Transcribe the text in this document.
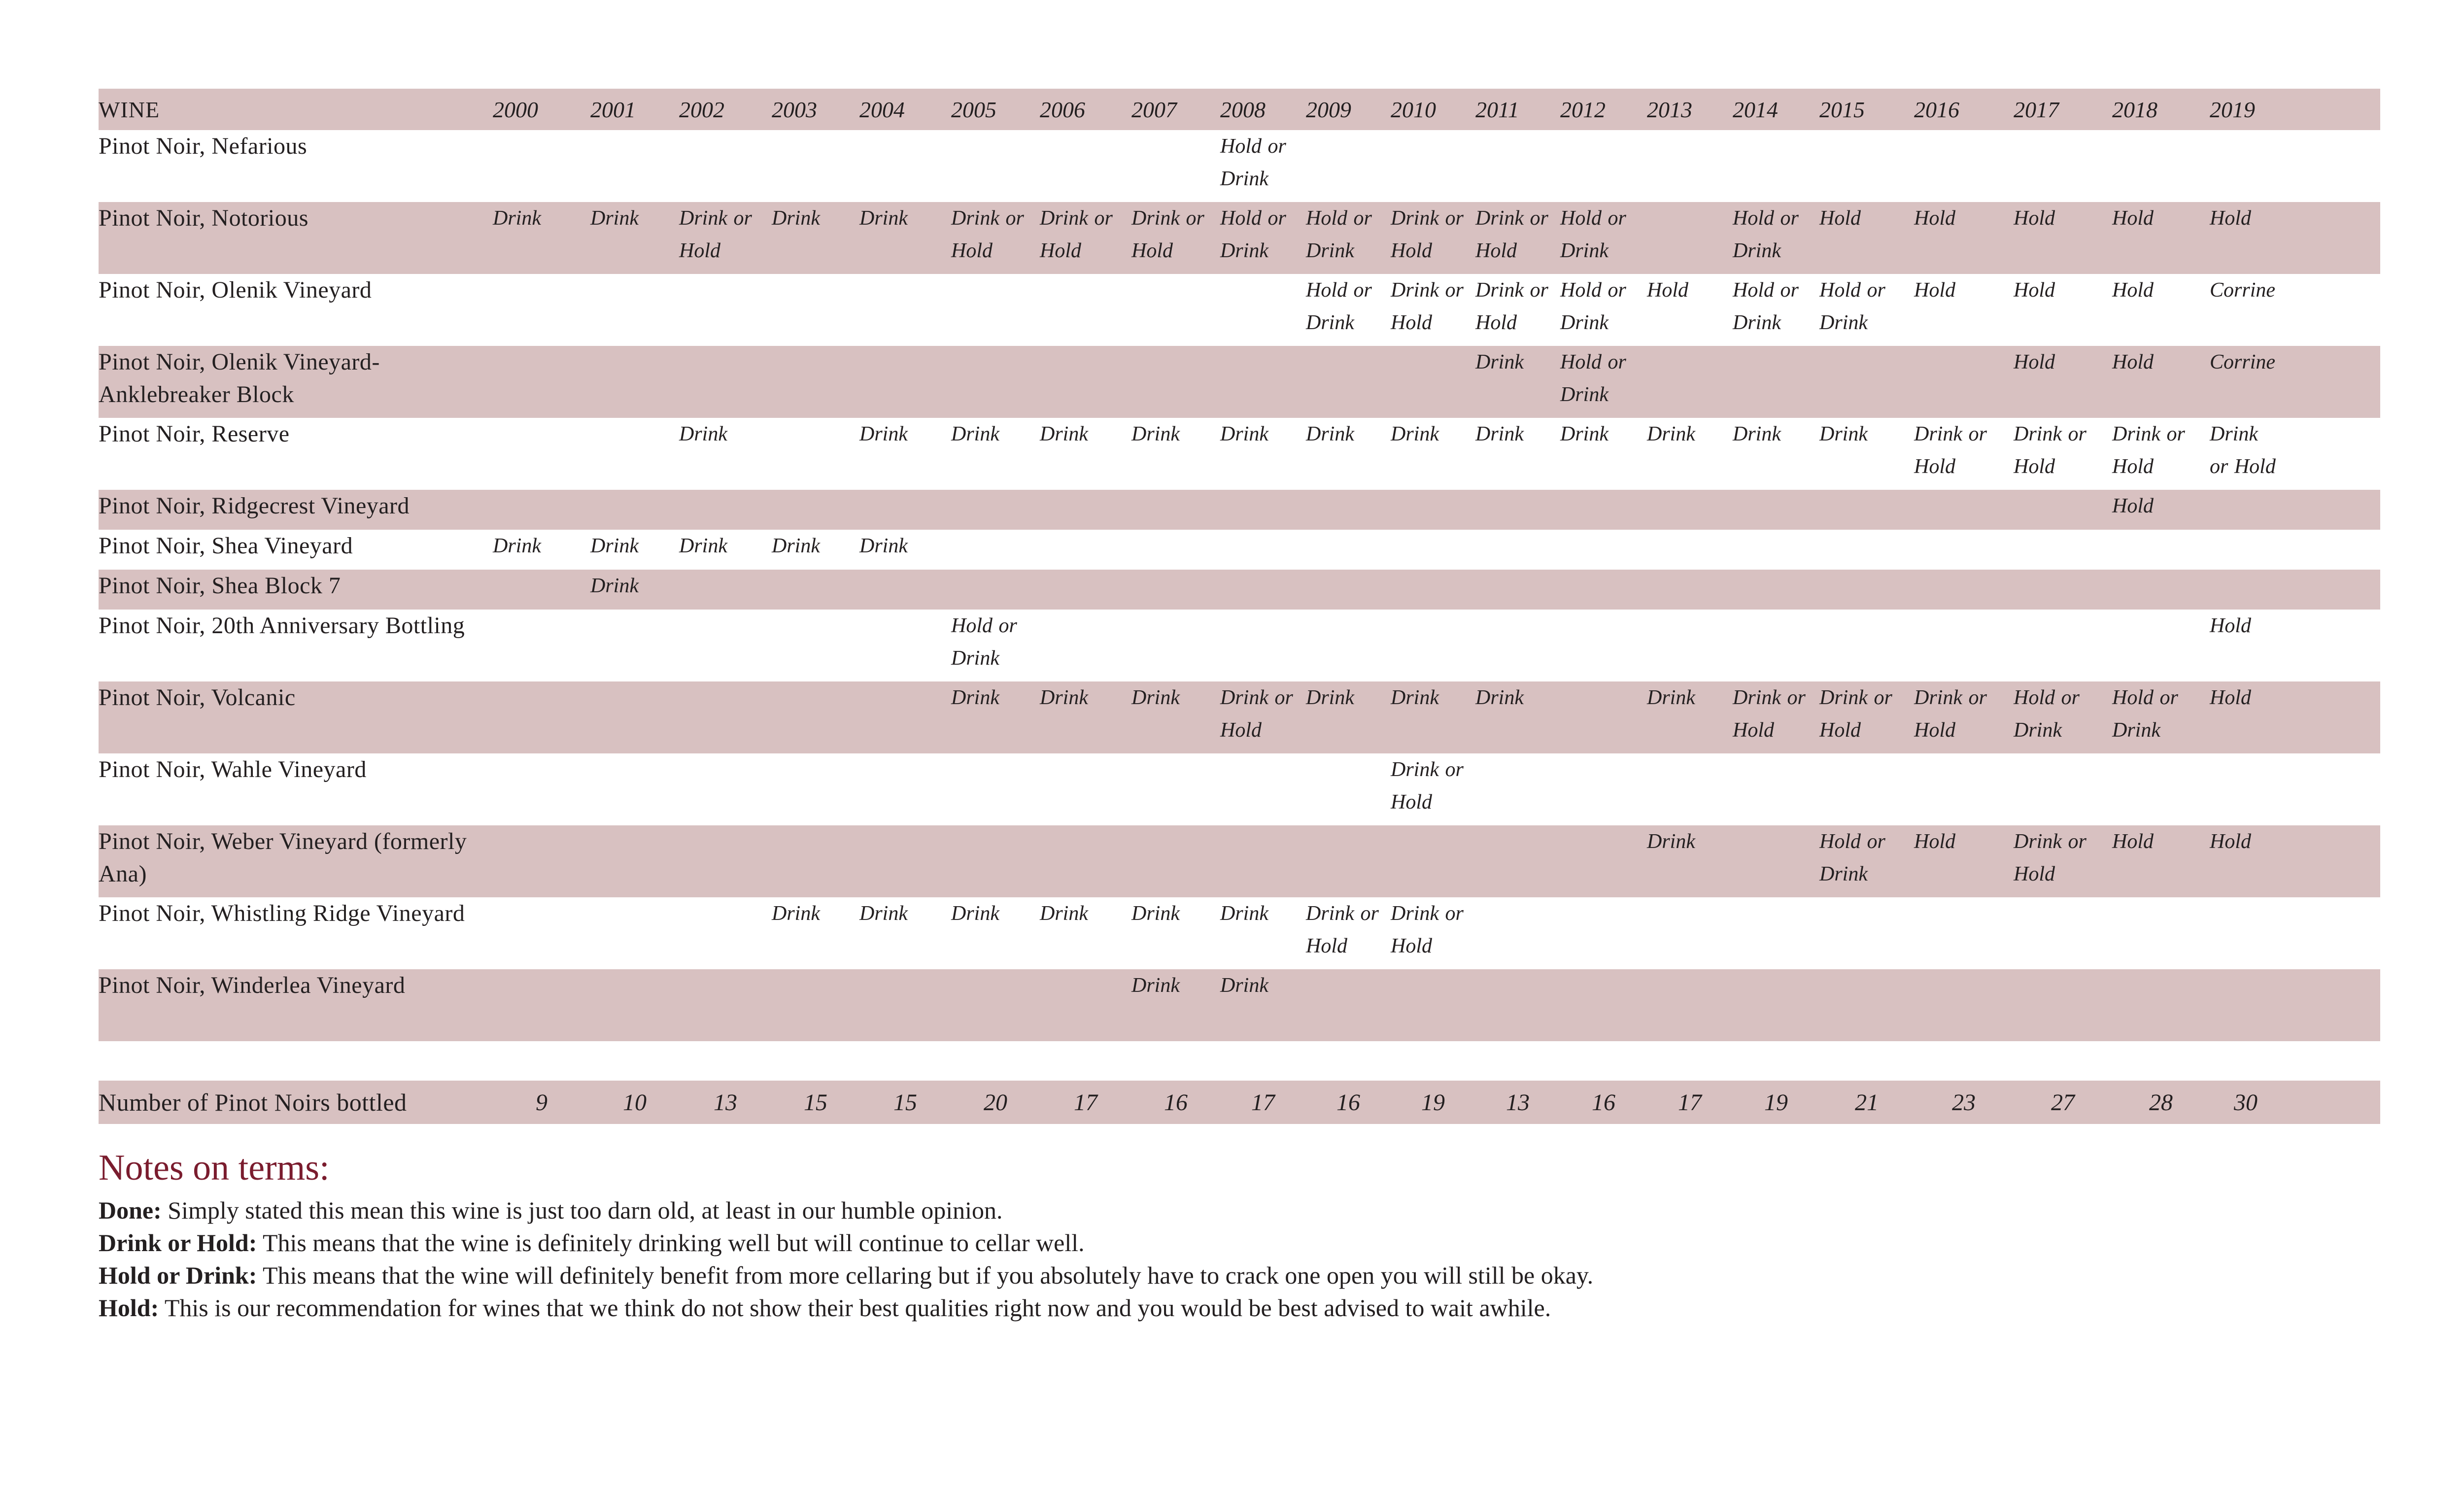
WINE	2000	2001	2002	2003	2004	2005	2006	2007	2008	2009	2010	2011	2012	2013	2014	2015	2016	2017	2018	2019	
Pinot Noir, Nefarious									Hold or Drink												
Pinot Noir, Notorious	Drink	Drink	Drink or Hold	Drink	Drink	Drink or Hold	Drink or Hold	Drink or Hold	Hold or Drink	Hold or Drink	Drink or Hold	Drink or Hold	Hold or Drink		Hold or Drink	Hold	Hold	Hold	Hold	Hold	
Pinot Noir, Olenik Vineyard										Hold or Drink	Drink or Hold	Drink or Hold	Hold or Drink	Hold	Hold or Drink	Hold or Drink	Hold	Hold	Hold	Corrine	
Pinot Noir, Olenik Vineyard-Anklebreaker Block												Drink	Hold or Drink					Hold	Hold	Corrine	
Pinot Noir, Reserve			Drink		Drink	Drink	Drink	Drink	Drink	Drink	Drink	Drink	Drink	Drink	Drink	Drink	Drink or Hold	Drink or Hold	Drink or Hold	Drink or Hold	
Pinot Noir, Ridgecrest Vineyard																			Hold		
Pinot Noir, Shea Vineyard	Drink	Drink	Drink	Drink	Drink																
Pinot Noir, Shea Block 7		Drink																			
Pinot Noir, 20th Anniversary Bottling						Hold or Drink														Hold	
Pinot Noir, Volcanic						Drink	Drink	Drink	Drink or Hold	Drink	Drink	Drink		Drink	Drink or Hold	Drink or Hold	Drink or Hold	Hold or Drink	Hold or Drink	Hold	
Pinot Noir, Wahle Vineyard											Drink or Hold										
Pinot Noir, Weber Vineyard (formerly Ana)														Drink		Hold or Drink	Hold	Drink or Hold	Hold	Hold	
Pinot Noir, Whistling Ridge Vineyard				Drink	Drink	Drink	Drink	Drink	Drink	Drink or Hold	Drink or Hold										
Pinot Noir, Winderlea Vineyard								Drink	Drink												

Number of Pinot Noirs bottled	9	10	13	15	15	20	17	16	17	16	19	13	16	17	19	21	23	27	28	30	
Notes on terms:
Done: Simply stated this mean this wine is just too darn old, at least in our humble opinion.
Drink or Hold: This means that the wine is definitely drinking well but will continue to cellar well.
Hold or Drink: This means that the wine will definitely benefit from more cellaring but if you absolutely have to crack one open you will still be okay.
Hold: This is our recommendation for wines that we think do not show their best qualities right now and you would be best advised to wait awhile.
